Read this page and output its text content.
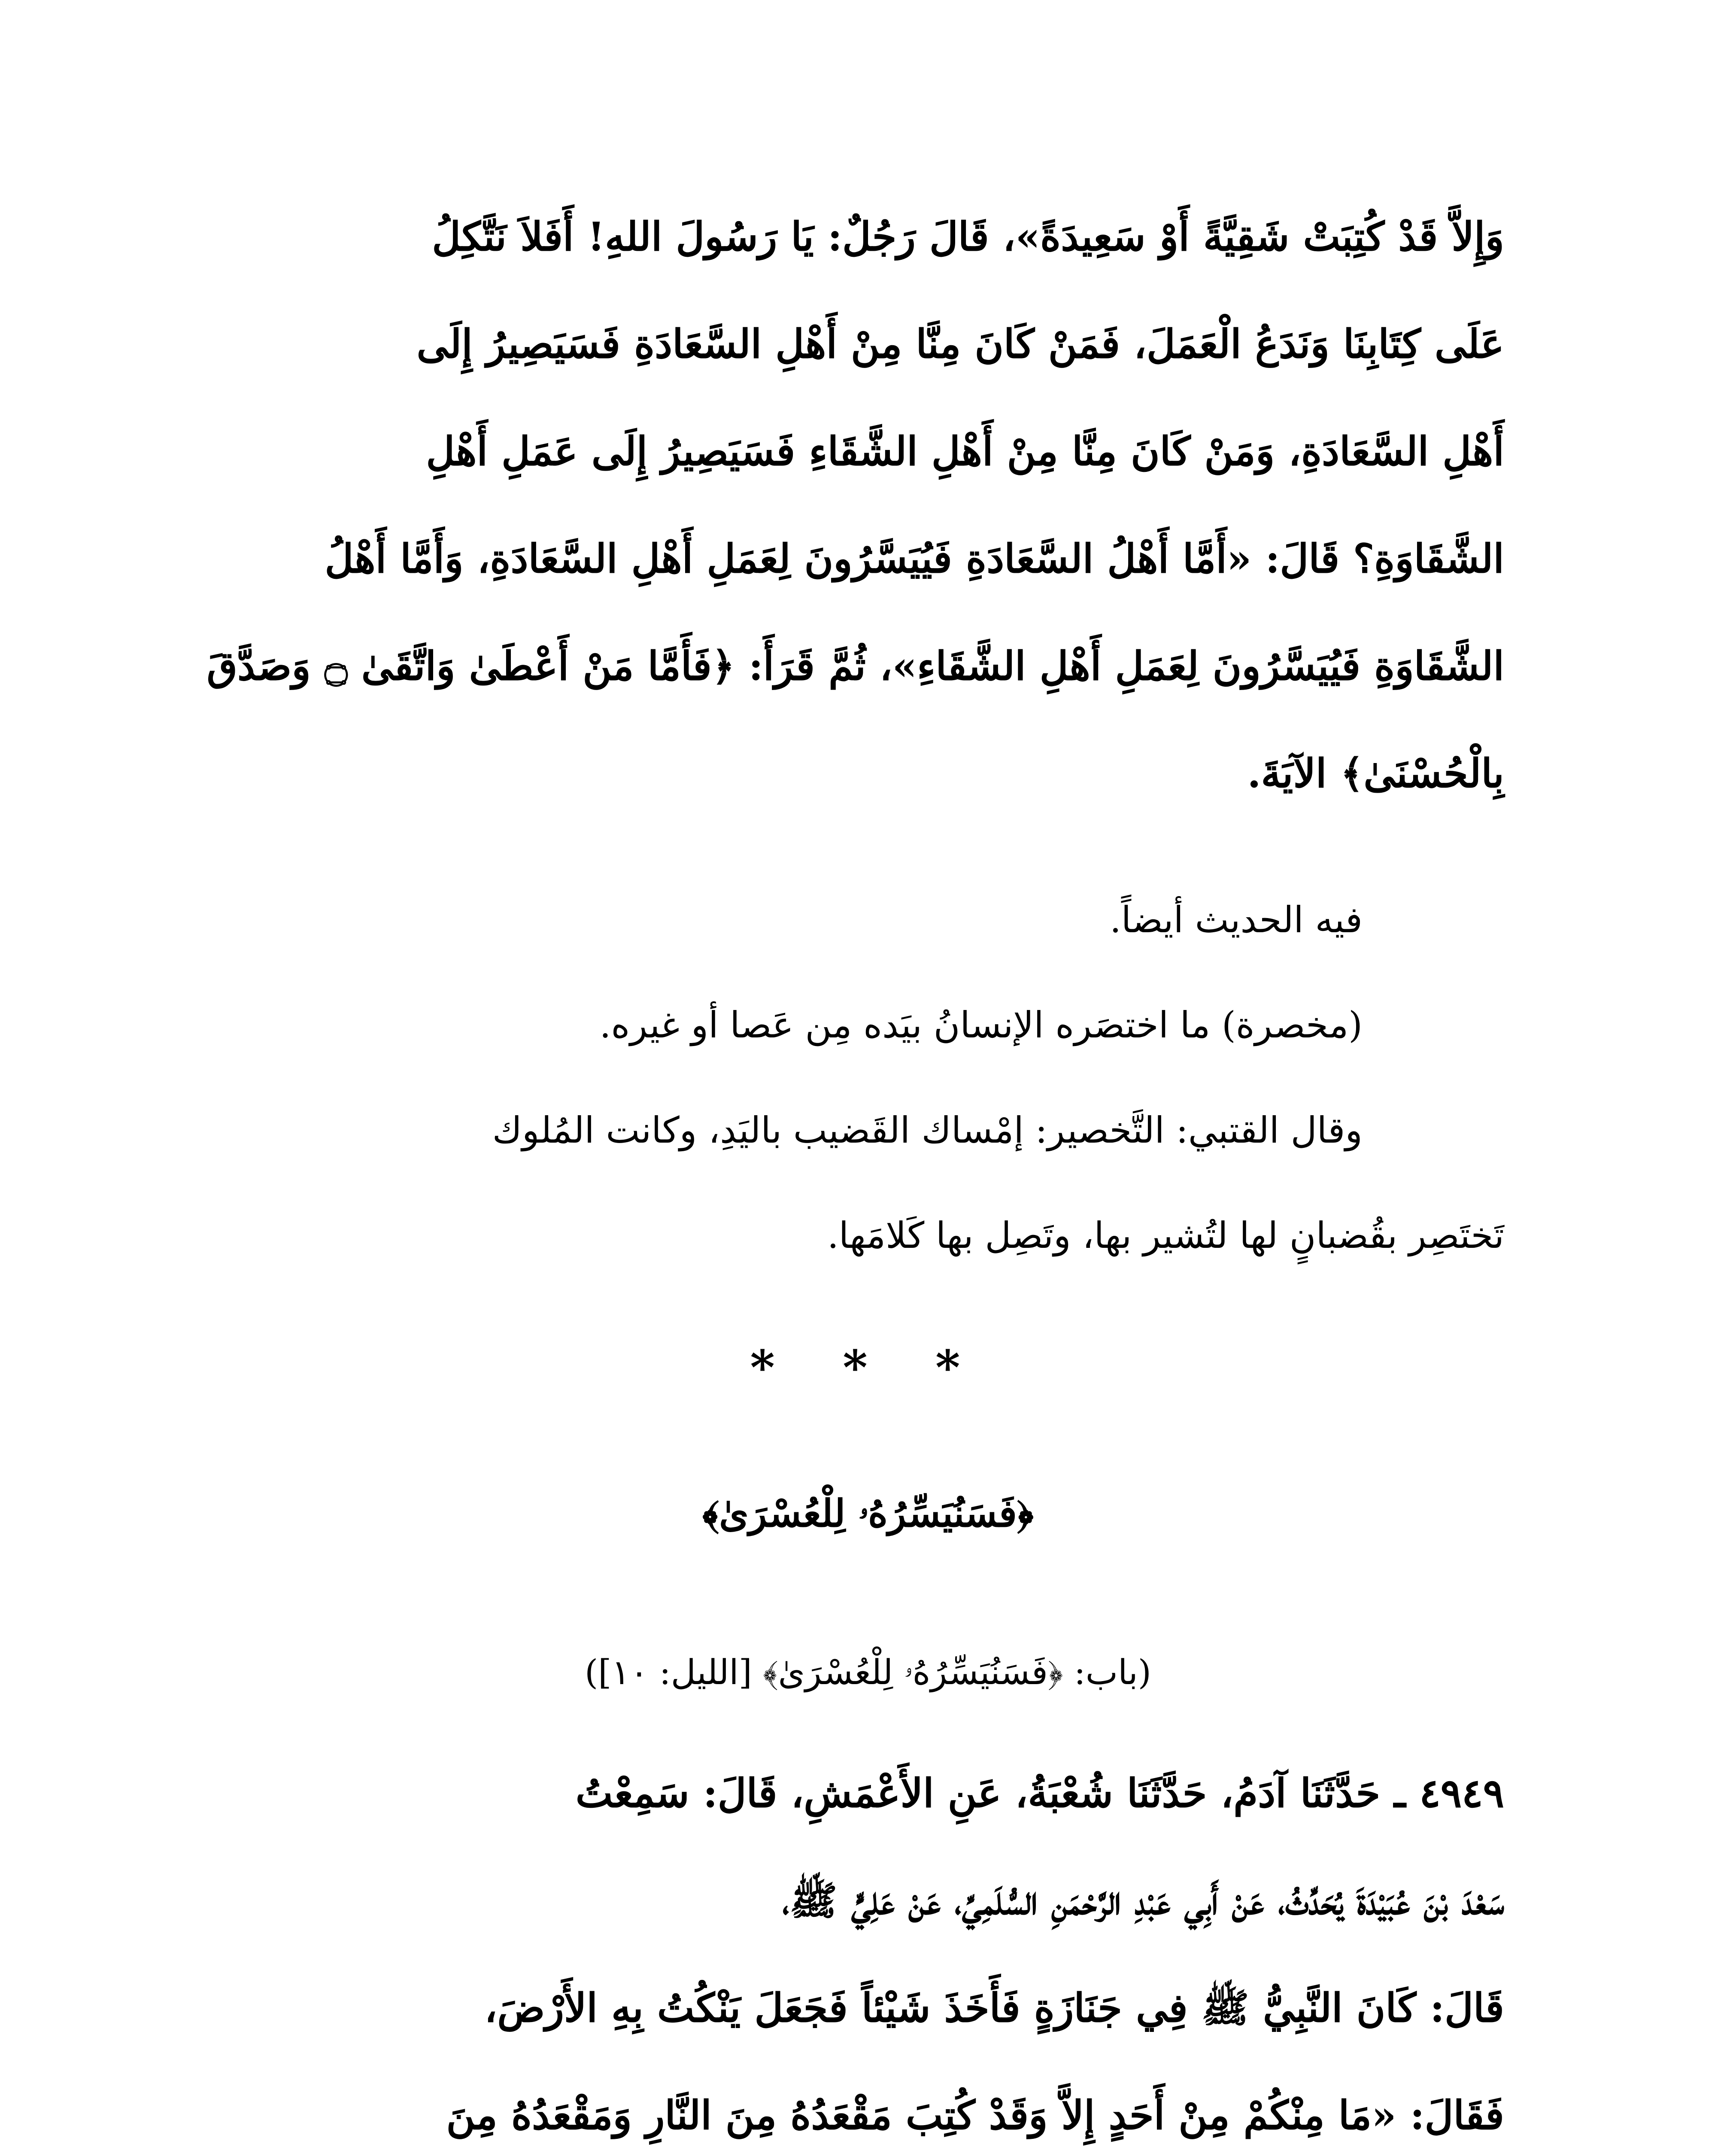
وَإِلاَّ قَدْ كُتِبَتْ شَقِيَّةً أَوْ سَعِيدَةً»، قَالَ رَجُلٌ: يَا رَسُولَ اللهِ! أَفَلاَ نَتَّكِلُ
عَلَى كِتَابِنَا وَنَدَعُ الْعَمَلَ، فَمَنْ كَانَ مِنَّا مِنْ أَهْلِ السَّعَادَةِ فَسَيَصِيرُ إِلَى
أَهْلِ السَّعَادَةِ، وَمَنْ كَانَ مِنَّا مِنْ أَهْلِ الشَّقَاءِ فَسَيَصِيرُ إِلَى عَمَلِ أَهْلِ
الشَّقَاوَةِ؟ قَالَ: «أَمَّا أَهْلُ السَّعَادَةِ فَيُيَسَّرُونَ لِعَمَلِ أَهْلِ السَّعَادَةِ، وَأَمَّا أَهْلُ
الشَّقَاوَةِ فَيُيَسَّرُونَ لِعَمَلِ أَهْلِ الشَّقَاءِ»، ثُمَّ قَرَأَ: ﴿فَأَمَّا مَنْ أَعْطَىٰ وَاتَّقَىٰ ۝ وَصَدَّقَ
بِالْحُسْنَىٰ﴾ الآيَةَ.
فيه الحديث أيضاً.
(مخصرة) ما اختصَره الإنسانُ بيَده مِن عَصا أو غيره.
وقال القتبي: التَّخصير: إمْساك القَضيب باليَدِ، وكانت المُلوك
تَختَصِر بقُضبانٍ لها لتُشير بها، وتَصِل بها كَلامَها.
* * *
﴿فَسَنُيَسِّرُهُۥ لِلْعُسْرَىٰ﴾
(باب: ﴿فَسَنُيَسِّرُهُۥ لِلْعُسْرَىٰ﴾ [الليل: ١٠])
٤٩٤٩ ـ حَدَّثَنَا آدَمُ، حَدَّثَنَا شُعْبَةُ، عَنِ الأَعْمَشِ، قَالَ: سَمِعْتُ
سَعْدَ بْنَ عُبَيْدَةَ يُحَدِّثُ، عَنْ أَبِي عَبْدِ الرَّحْمَنِ السُّلَمِيِّ، عَنْ عَلِيٍّ ﷺ،
قَالَ: كَانَ النَّبِيُّ ﷺ فِي جَنَازَةٍ فَأَخَذَ شَيْئاً فَجَعَلَ يَنْكُتُ بِهِ الأَرْضَ،
فَقَالَ: «مَا مِنْكُمْ مِنْ أَحَدٍ إِلاَّ وَقَدْ كُتِبَ مَقْعَدُهُ مِنَ النَّارِ وَمَقْعَدُهُ مِنَ
